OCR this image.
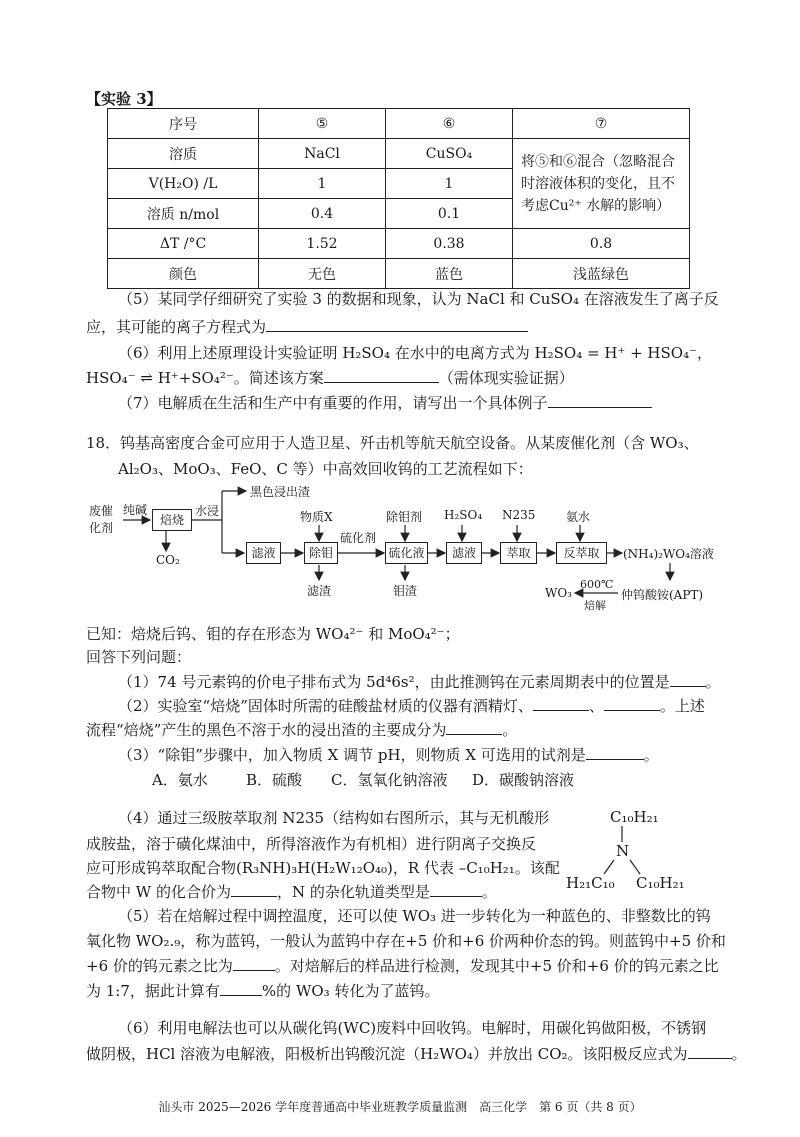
【实验 3】
序号	⑤	⑥	⑦
溶质	NaCl	CuSO₄	将⑤和⑥混合（忽略混合
时溶液体积的变化，且不
考虑Cu²⁺ 水解的影响）

V(H₂O) /L	1	1	
溶质 n/mol	0.4	0.1	
ΔT /°C	1.52	0.38	0.8
颜色	无色	蓝色	浅蓝绿色
（5）某同学仔细研究了实验 3 的数据和现象，认为 NaCl 和 CuSO₄ 在溶液发生了离子反
应，其可能的离子方程式为
（6）利用上述原理设计实验证明 H₂SO₄ 在水中的电离方式为 H₂SO₄ = H⁺ + HSO₄⁻，
HSO₄⁻ ⇌ H⁺+SO₄²⁻。简述该方案	（需体现实验证据）
（7）电解质在生活和生产中有重要的作用，请写出一个具体例子
18．钨基高密度合金可应用于人造卫星、歼击机等航天航空设备。从某废催化剂（含 WO₃、
Al₂O₃、MoO₃、FeO、C 等）中高效回收钨的工艺流程如下：
废催
化剂
纯碱
焙烧
CO₂
水浸
黑色浸出渣
滤液
物质X
除钼
滤渣
硫化剂
除钼剂
硫化液
钼渣
H₂SO₄
滤液
N235
萃取
氨水
反萃取	(NH₄)₂WO₄溶液
600℃
焙解
WO₃	仲钨酸铵(APT)
已知：焙烧后钨、钼的存在形态为 WO₄²⁻ 和 MoO₄²⁻；
回答下列问题：
（1）74 号元素钨的价电子排布式为 5d⁴6s²，由此推测钨在元素周期表中的位置是 。
（2）实验室“焙烧”固体时所需的硅酸盐材质的仪器有酒精灯、	、	。上述
流程“焙烧”产生的黑色不溶于水的浸出渣的主要成分为	。
（3）“除钼”步骤中，加入物质 X 调节 pH，则物质 X 可选用的试剂是	。
A．氨水	B．硫酸 C．氢氧化钠溶液 D．碳酸钠溶液
（4）通过三级胺萃取剂 N235（结构如右图所示，其与无机酸形
成胺盐，溶于磺化煤油中，所得溶液作为有机相）进行阴离子交换反
应可形成钨萃取配合物(R₃NH)₃H(H₂W₁₂O₄₀)，R 代表 –C₁₀H₂₁。该配
合物中 W 的化合价为	，N 的杂化轨道类型是	。
C₁₀H₂₁
N
H₂₁C₁₀ C₁₀H₂₁
（5）若在焙解过程中调控温度，还可以使 WO₃ 进一步转化为一种蓝色的、非整数比的钨
氧化物 WO₂.₉，称为蓝钨，一般认为蓝钨中存在+5 价和+6 价两种价态的钨。则蓝钨中+5 价和
+6 价的钨元素之比为	。对焙解后的样品进行检测，发现其中+5 价和+6 价的钨元素之比
为 1:7，据此计算有	%的 WO₃ 转化为了蓝钨。
（6）利用电解法也可以从碳化钨(WC)废料中回收钨。电解时，用碳化钨做阳极，不锈钢
做阴极，HCl 溶液为电解液，阳极析出钨酸沉淀（H₂WO₄）并放出 CO₂。该阳极反应式为	。
汕头市 2025—2026 学年度普通高中毕业班教学质量监测　高三化学　第 6 页（共 8 页）
